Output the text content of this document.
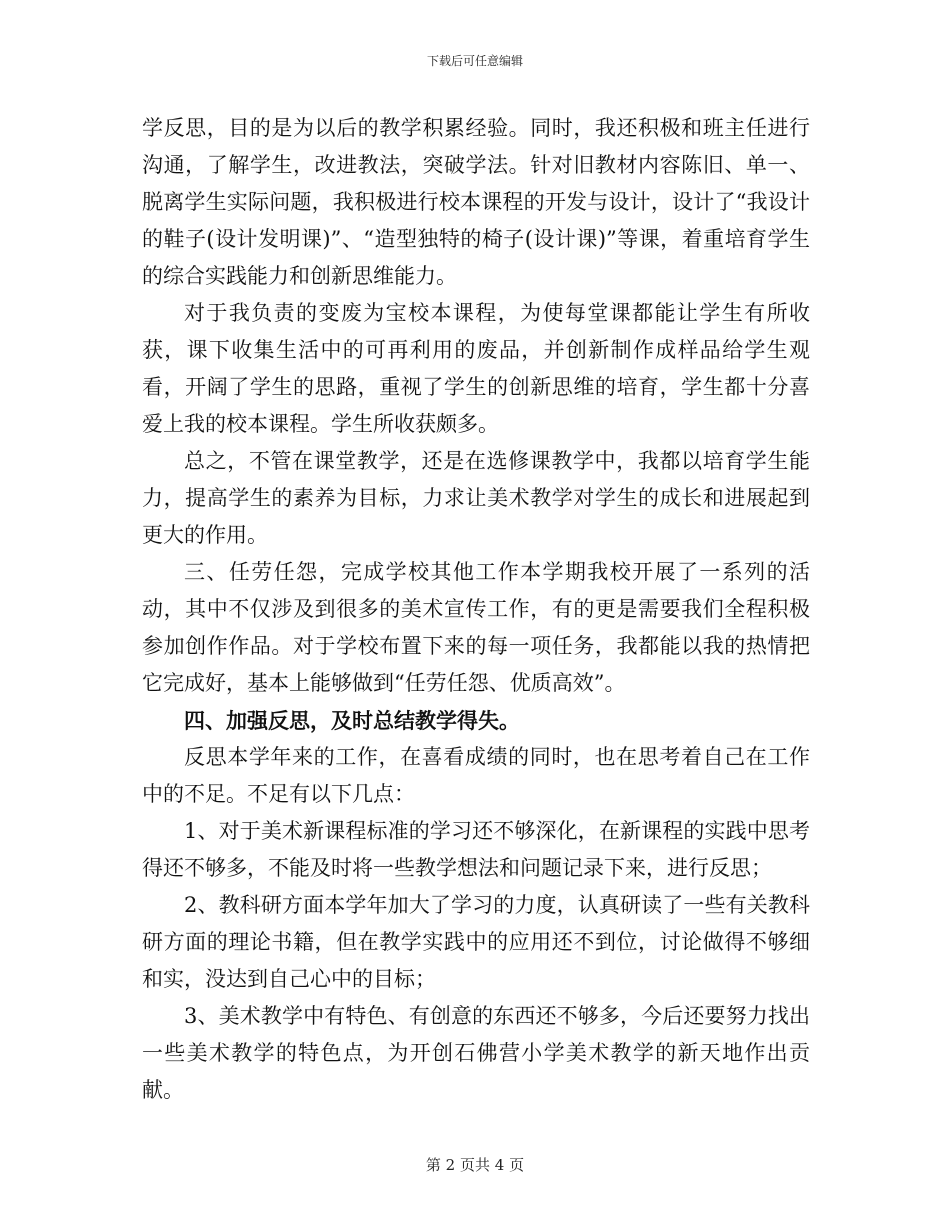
下载后可任意编辑

学反思，目的是为以后的教学积累经验。同时，我还积极和班主任进行沟通，了解学生，改进教法，突破学法。针对旧教材内容陈旧、单一、脱离学生实际问题，我积极进行校本课程的开发与设计，设计了“我设计的鞋子(设计发明课)”、“造型独特的椅子(设计课)”等课，着重培育学生的综合实践能力和创新思维能力。

对于我负责的变废为宝校本课程，为使每堂课都能让学生有所收获，课下收集生活中的可再利用的废品，并创新制作成样品给学生观看，开阔了学生的思路，重视了学生的创新思维的培育，学生都十分喜爱上我的校本课程。学生所收获颇多。

总之，不管在课堂教学，还是在选修课教学中，我都以培育学生能力，提高学生的素养为目标，力求让美术教学对学生的成长和进展起到更大的作用。

三、任劳任怨，完成学校其他工作本学期我校开展了一系列的活动，其中不仅涉及到很多的美术宣传工作，有的更是需要我们全程积极参加创作作品。对于学校布置下来的每一项任务，我都能以我的热情把它完成好，基本上能够做到“任劳任怨、优质高效”。

四、加强反思，及时总结教学得失。

反思本学年来的工作，在喜看成绩的同时，也在思考着自己在工作中的不足。不足有以下几点：

1、对于美术新课程标准的学习还不够深化，在新课程的实践中思考得还不够多，不能及时将一些教学想法和问题记录下来，进行反思；

2、教科研方面本学年加大了学习的力度，认真研读了一些有关教科研方面的理论书籍，但在教学实践中的应用还不到位，讨论做得不够细和实，没达到自己心中的目标；

3、美术教学中有特色、有创意的东西还不够多，今后还要努力找出一些美术教学的特色点，为开创石佛营小学美术教学的新天地作出贡献。

第 2 页共 4 页
